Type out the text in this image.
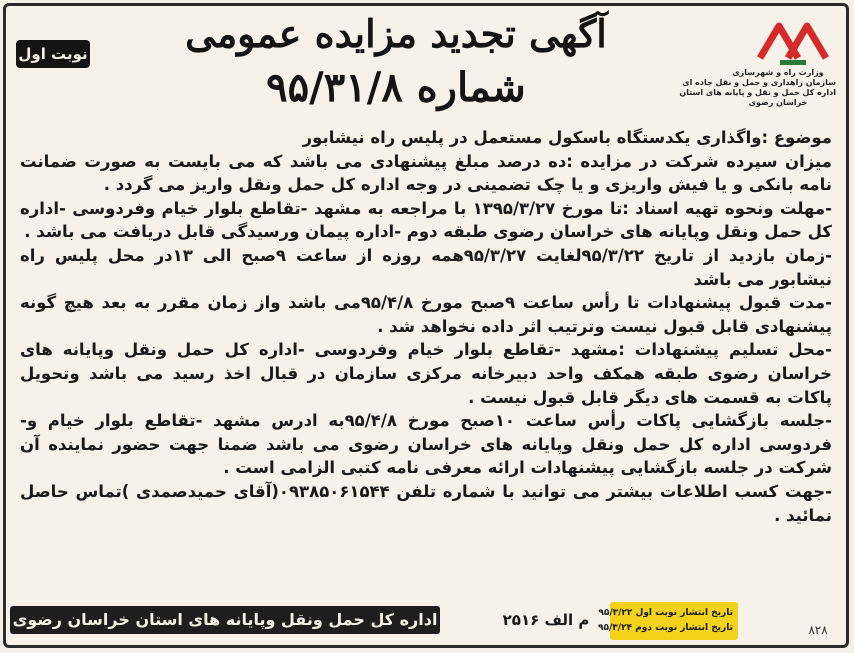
وزارت راه و شهرسازی
سازمان راهداری و حمل و نقل جاده ای
اداره کل حمل و نقل و پایانه های استان
خراسان رضوی
آگهی تجدید مزایده عمومی
شماره ۹۵/۳۱/۸
نوبت اول

موضوع :واگذاری یکدستگاه باسکول مستعمل در پلیس راه نیشابور

میزان سپرده شرکت در مزایده :ده درصد مبلغ پیشنهادی می باشد که می بایست به صورت ضمانت نامه بانکی و یا فیش واریزی و یا چک تضمینی در وجه اداره کل حمل ونقل واریز می گردد .

-مهلت ونحوه تهیه اسناد :تا مورخ ۱۳۹۵/۳/۲۷ با مراجعه به مشهد -تقاطع بلوار خیام وفردوسی -اداره کل حمل ونقل وپایانه های خراسان رضوی طبقه دوم -اداره پیمان ورسیدگی قابل دریافت می باشد .

-زمان بازدید از تاریخ ۹۵/۳/۲۲لغایت ۹۵/۳/۲۷همه روزه از ساعت ۹صبح الی ۱۳در محل پلیس راه نیشابور می باشد

-مدت قبول پیشنهادات تا رأس ساعت ۹صبح مورخ ۹۵/۴/۸می باشد واز زمان مقرر به بعد هیچ گونه پیشنهادی قابل قبول نیست وترتیب اثر داده نخواهد شد .

-محل تسلیم پیشنهادات :مشهد -تقاطع بلوار خیام وفردوسی -اداره کل حمل ونقل وپایانه های خراسان رضوی طبقه همکف واحد دبیرخانه مرکزی سازمان در قبال اخذ رسید می باشد وتحویل پاکات به قسمت های دیگر قابل قبول نیست .

-جلسه بازگشایی پاکات رأس ساعت ۱۰صبح مورخ ۹۵/۴/۸به ادرس مشهد -تقاطع بلوار خیام و-فردوسی اداره کل حمل ونقل وپایانه های خراسان رضوی می باشد ضمنا جهت حضور نماینده آن شرکت در جلسه بازگشایی پیشنهادات ارائه معرفی نامه کتبی الزامی است .

-جهت کسب اطلاعات بیشتر می توانید با شماره تلفن ۰۹۳۸۵۰۶۱۵۴۴(آقای حمیدصمدی )تماس حاصل نمائید .

اداره کل حمل ونقل وپایانه های استان خراسان رضوی	م الف ۲۵۱۶ تاریخ انتشار نوبت اول ۹۵/۳/۲۲
تاریخ انتشار نوبت دوم ۹۵/۳/۲۴	۸۲۸
